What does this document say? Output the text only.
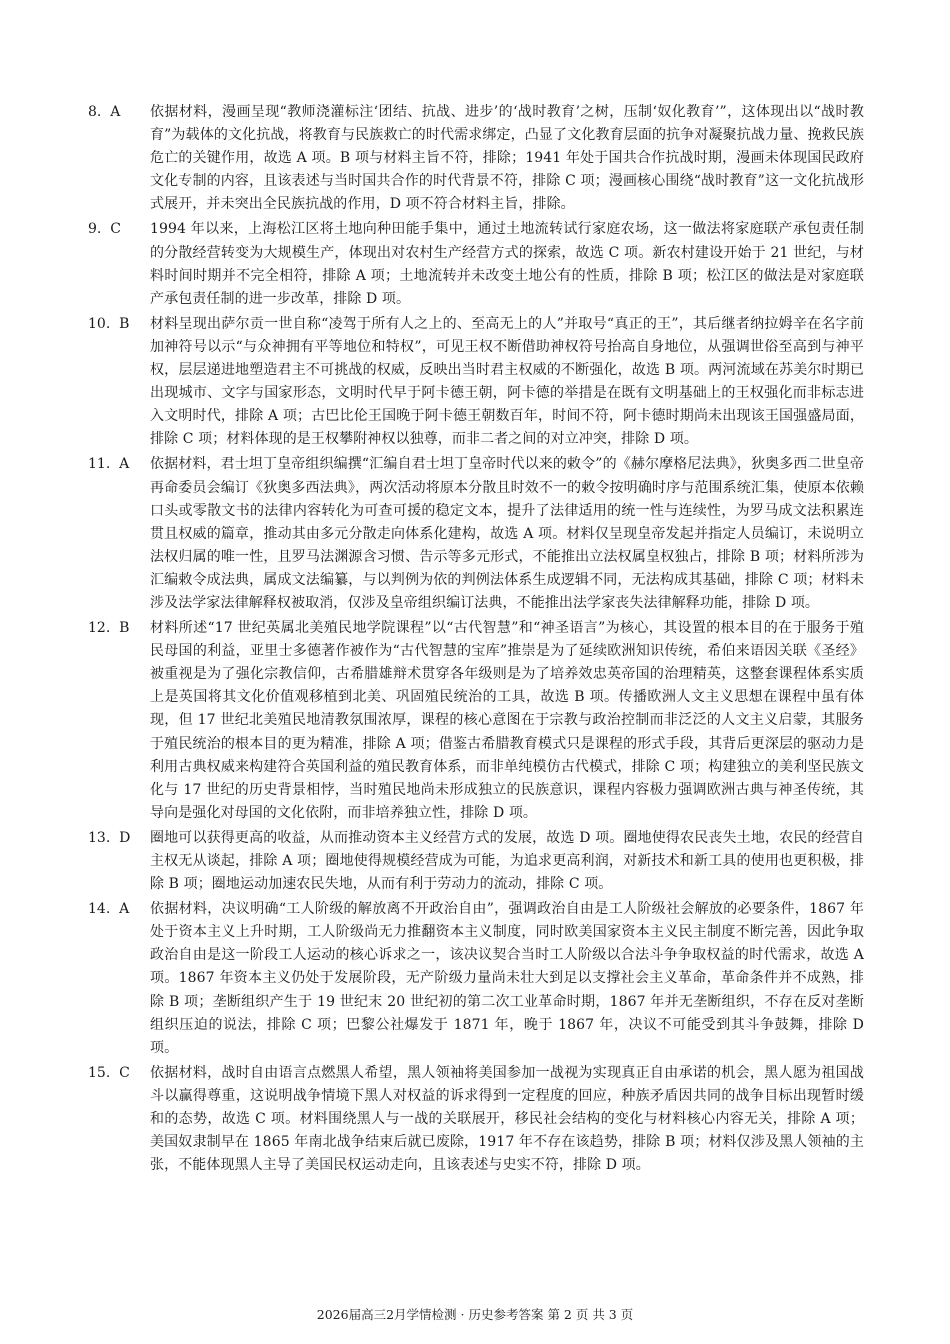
8. A	依据材料，漫画呈现“教师浇灌标注‘团结、抗战、进步’的‘战时教育’之树，压制‘奴化教育’”，这体现出以“战时教育”为载体的文化抗战，将教育与民族救亡的时代需求绑定，凸显了文化教育层面的抗争对凝聚抗战力量、挽救民族危亡的关键作用，故选 A 项。B 项与材料主旨不符，排除；1941 年处于国共合作抗战时期，漫画未体现国民政府文化专制的内容，且该表述与当时国共合作的时代背景不符，排除 C 项；漫画核心围绕“战时教育”这一文化抗战形式展开，并未突出全民族抗战的作用，D 项不符合材料主旨，排除。
9. C	1994 年以来，上海松江区将土地向种田能手集中，通过土地流转试行家庭农场，这一做法将家庭联产承包责任制的分散经营转变为大规模生产，体现出对农村生产经营方式的探索，故选 C 项。新农村建设开始于 21 世纪，与材料时间时期并不完全相符，排除 A 项；土地流转并未改变土地公有的性质，排除 B 项；松江区的做法是对家庭联产承包责任制的进一步改革，排除 D 项。
10. B	材料呈现出萨尔贡一世自称“凌驾于所有人之上的、至高无上的人”并取号“真正的王”，其后继者纳拉姆辛在名字前加神符号以示“与众神拥有平等地位和特权”，可见王权不断借助神权符号抬高自身地位，从强调世俗至高到与神平权，层层递进地塑造君主不可挑战的权威，反映出当时君主权威的不断强化，故选 B 项。两河流域在苏美尔时期已出现城市、文字与国家形态，文明时代早于阿卡德王朝，阿卡德的举措是在既有文明基础上的王权强化而非标志进入文明时代，排除 A 项；古巴比伦王国晚于阿卡德王朝数百年，时间不符，阿卡德时期尚未出现该王国强盛局面，排除 C 项；材料体现的是王权攀附神权以独尊，而非二者之间的对立冲突，排除 D 项。
11. A	依据材料，君士坦丁皇帝组织编撰“汇编自君士坦丁皇帝时代以来的敕令”的《赫尔摩格尼法典》，狄奥多西二世皇帝再命委员会编订《狄奥多西法典》，两次活动将原本分散且时效不一的敕令按明确时序与范围系统汇集，使原本依赖口头或零散文书的法律内容转化为可查可援的稳定文本，提升了法律适用的统一性与连续性，为罗马成文法积累连贯且权威的篇章，推动其由多元分散走向体系化建构，故选 A 项。材料仅呈现皇帝发起并指定人员编订，未说明立法权归属的唯一性，且罗马法渊源含习惯、告示等多元形式，不能推出立法权属皇权独占，排除 B 项；材料所涉为汇编敕令成法典，属成文法编纂，与以判例为依的判例法体系生成逻辑不同，无法构成其基础，排除 C 项；材料未涉及法学家法律解释权被取消，仅涉及皇帝组织编订法典，不能推出法学家丧失法律解释功能，排除 D 项。
12. B	材料所述“17 世纪英属北美殖民地学院课程”以“古代智慧”和“神圣语言”为核心，其设置的根本目的在于服务于殖民母国的利益，亚里士多德著作被作为“古代智慧的宝库”推崇是为了延续欧洲知识传统，希伯来语因关联《圣经》被重视是为了强化宗教信仰，古希腊雄辩术贯穿各年级则是为了培养效忠英帝国的治理精英，这整套课程体系实质上是英国将其文化价值观移植到北美、巩固殖民统治的工具，故选 B 项。传播欧洲人文主义思想在课程中虽有体现，但 17 世纪北美殖民地清教氛围浓厚，课程的核心意图在于宗教与政治控制而非泛泛的人文主义启蒙，其服务于殖民统治的根本目的更为精准，排除 A 项；借鉴古希腊教育模式只是课程的形式手段，其背后更深层的驱动力是利用古典权威来构建符合英国利益的殖民教育体系，而非单纯模仿古代模式，排除 C 项；构建独立的美利坚民族文化与 17 世纪的历史背景相悖，当时殖民地尚未形成独立的民族意识，课程内容极力强调欧洲古典与神圣传统，其导向是强化对母国的文化依附，而非培养独立性，排除 D 项。
13. D	圈地可以获得更高的收益，从而推动资本主义经营方式的发展，故选 D 项。圈地使得农民丧失土地，农民的经营自主权无从谈起，排除 A 项；圈地使得规模经营成为可能，为追求更高利润，对新技术和新工具的使用也更积极，排除 B 项；圈地运动加速农民失地，从而有利于劳动力的流动，排除 C 项。
14. A	依据材料，决议明确“工人阶级的解放离不开政治自由”，强调政治自由是工人阶级社会解放的必要条件，1867 年处于资本主义上升时期，工人阶级尚无力推翻资本主义制度，同时欧美国家资本主义民主制度不断完善，因此争取政治自由是这一阶段工人运动的核心诉求之一，该决议契合当时工人阶级以合法斗争争取权益的时代需求，故选 A 项。1867 年资本主义仍处于发展阶段，无产阶级力量尚未壮大到足以支撑社会主义革命，革命条件并不成熟，排除 B 项；垄断组织产生于 19 世纪末 20 世纪初的第二次工业革命时期，1867 年并无垄断组织，不存在反对垄断组织压迫的说法，排除 C 项；巴黎公社爆发于 1871 年，晚于 1867 年，决议不可能受到其斗争鼓舞，排除 D 项。
15. C	依据材料，战时自由语言点燃黑人希望，黑人领袖将美国参加一战视为实现真正自由承诺的机会，黑人愿为祖国战斗以赢得尊重，这说明战争情境下黑人对权益的诉求得到一定程度的回应，种族矛盾因共同的战争目标出现暂时缓和的态势，故选 C 项。材料围绕黑人与一战的关联展开，移民社会结构的变化与材料核心内容无关，排除 A 项；美国奴隶制早在 1865 年南北战争结束后就已废除，1917 年不存在该趋势，排除 B 项；材料仅涉及黑人领袖的主张，不能体现黑人主导了美国民权运动走向，且该表述与史实不符，排除 D 项。
2026届高三2月学情检测 · 历史参考答案 第 2 页 共 3 页
